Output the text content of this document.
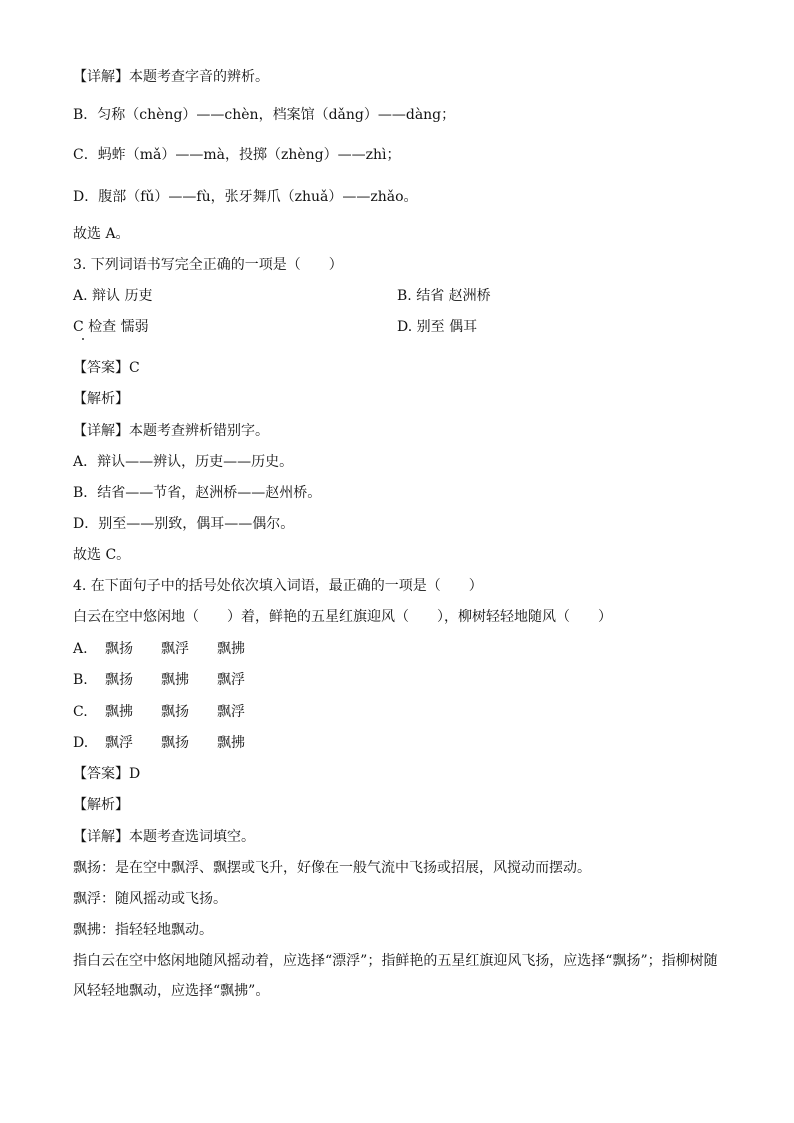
【详解】本题考查字音的辨析。
B．匀称（chèng）——chèn，档案馆（dǎng）——dàng；
C．蚂蚱（mǎ）——mà，投掷（zhèng）——zhì；
D．腹部（fǔ）——fù，张牙舞爪（zhuǎ）——zhǎo。
故选 A。
3. 下列词语书写完全正确的一项是（　　）
A. 辩认 历吏	B. 结省 赵洲桥
C 检查 懦弱	D. 别至 偶耳
【答案】C
【解析】
【详解】本题考查辨析错别字。
A．辩认——辨认，历吏——历史。
B．结省——节省，赵洲桥——赵州桥。
D．别至——别致，偶耳——偶尔。
故选 C。
4. 在下面句子中的括号处依次填入词语，最正确的一项是（　　）
白云在空中悠闲地（　　）着，鲜艳的五星红旗迎风（　　），柳树轻轻地随风（　　）
A. 飘扬 飘浮 飘拂
B. 飘扬 飘拂 飘浮
C. 飘拂 飘扬 飘浮
D. 飘浮 飘扬 飘拂
【答案】D
【解析】
【详解】本题考查选词填空。
飘扬：是在空中飘浮、飘摆或飞升，好像在一般气流中飞扬或招展，风搅动而摆动。
飘浮：随风摇动或飞扬。
飘拂：指轻轻地飘动。
指白云在空中悠闲地随风摇动着，应选择“漂浮”；指鲜艳的五星红旗迎风飞扬，应选择“飘扬”；指柳树随风轻轻地飘动，应选择“飘拂”。
